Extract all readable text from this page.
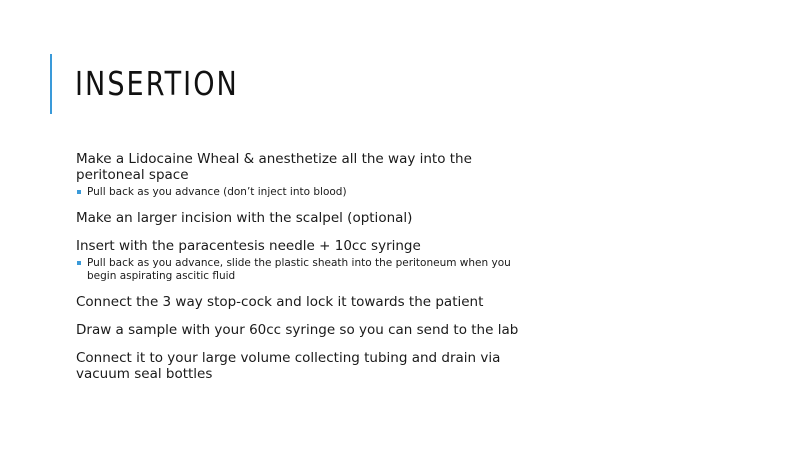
INSERTION

Make a Lidocaine Wheal & anesthetize all the way into the peritoneal space

Pull back as you advance (don’t inject into blood)

Make an larger incision with the scalpel (optional)

Insert with the paracentesis needle + 10cc syringe

Pull back as you advance, slide the plastic sheath into the peritoneum when you begin aspirating ascitic fluid

Connect the 3 way stop-cock and lock it towards the patient

Draw a sample with your 60cc syringe so you can send to the lab

Connect it to your large volume collecting tubing and drain via vacuum seal bottles
